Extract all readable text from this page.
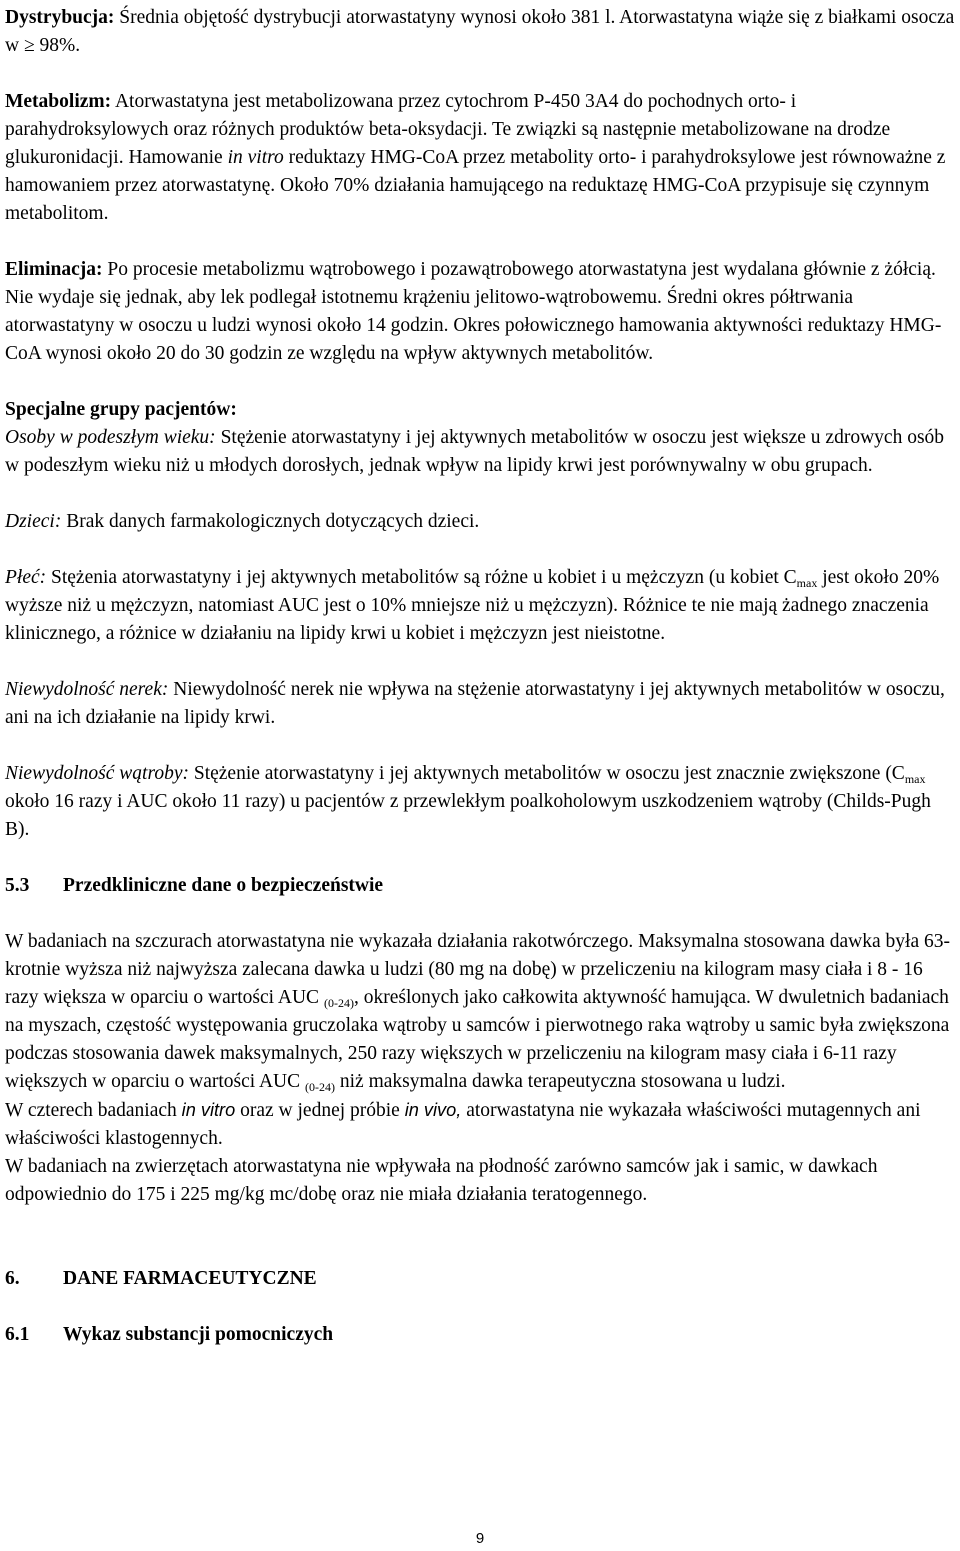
Dystrybucja: Średnia objętość dystrybucji atorwastatyny wynosi około 381 l. Atorwastatyna wiąże się z białkami osocza w ≥ 98%.

Metabolizm: Atorwastatyna jest metabolizowana przez cytochrom P-450 3A4 do pochodnych orto- i parahydroksylowych oraz różnych produktów beta-oksydacji. Te związki są następnie metabolizowane na drodze glukuronidacji. Hamowanie in vitro reduktazy HMG-CoA przez metabolity orto- i parahydroksylowe jest równoważne z hamowaniem przez atorwastatynę. Około 70% działania hamującego na reduktazę HMG-CoA przypisuje się czynnym metabolitom.

Eliminacja: Po procesie metabolizmu wątrobowego i pozawątrobowego atorwastatyna jest wydalana głównie z żółcią. Nie wydaje się jednak, aby lek podlegał istotnemu krążeniu jelitowo-wątrobowemu. Średni okres półtrwania atorwastatyny w osoczu u ludzi wynosi około 14 godzin. Okres połowicznego hamowania aktywności reduktazy HMG-CoA wynosi około 20 do 30 godzin ze względu na wpływ aktywnych metabolitów.

Specjalne grupy pacjentów:

Osoby w podeszłym wieku: Stężenie atorwastatyny i jej aktywnych metabolitów w osoczu jest większe u zdrowych osób w podeszłym wieku niż u młodych dorosłych, jednak wpływ na lipidy krwi jest porównywalny w obu grupach.

Dzieci: Brak danych farmakologicznych dotyczących dzieci.

Płeć: Stężenia atorwastatyny i jej aktywnych metabolitów są różne u kobiet i u mężczyzn (u kobiet $C_{max}$ jest około 20% wyższe niż u mężczyzn, natomiast AUC jest o 10% mniejsze niż u mężczyzn). Różnice te nie mają żadnego znaczenia klinicznego, a różnice w działaniu na lipidy krwi u kobiet i mężczyzn jest nieistotne.

Niewydolność nerek: Niewydolność nerek nie wpływa na stężenie atorwastatyny i jej aktywnych metabolitów w osoczu, ani na ich działanie na lipidy krwi.

Niewydolność wątroby: Stężenie atorwastatyny i jej aktywnych metabolitów w osoczu jest znacznie zwiększone ($C_{max}$ około 16 razy i AUC około 11 razy) u pacjentów z przewlekłym poalkoholowym uszkodzeniem wątroby (Childs-Pugh B).

5.3	Przedkliniczne dane o bezpieczeństwie

W badaniach na szczurach atorwastatyna nie wykazała działania rakotwórczego. Maksymalna stosowana dawka była 63-krotnie wyższa niż najwyższa zalecana dawka u ludzi (80 mg na dobę) w przeliczeniu na kilogram masy ciała i 8 - 16 razy większa w oparciu o wartości AUC $_{(0-24)}$, określonych jako całkowita aktywność hamująca. W dwuletnich badaniach na myszach, częstość występowania gruczolaka wątroby u samców i pierwotnego raka wątroby u samic była zwiększona podczas stosowania dawek maksymalnych, 250 razy większych w przeliczeniu na kilogram masy ciała i 6-11 razy większych w oparciu o wartości AUC $_{(0-24)}$ niż maksymalna dawka terapeutyczna stosowana u ludzi.

W czterech badaniach in vitro oraz w jednej próbie in vivo, atorwastatyna nie wykazała właściwości mutagennych ani właściwości klastogennych.

W badaniach na zwierzętach atorwastatyna nie wpływała na płodność zarówno samców jak i samic, w dawkach odpowiednio do 175 i 225 mg/kg mc/dobę oraz nie miała działania teratogennego.

6.	DANE FARMACEUTYCZNE

6.1	Wykaz substancji pomocniczych

9
